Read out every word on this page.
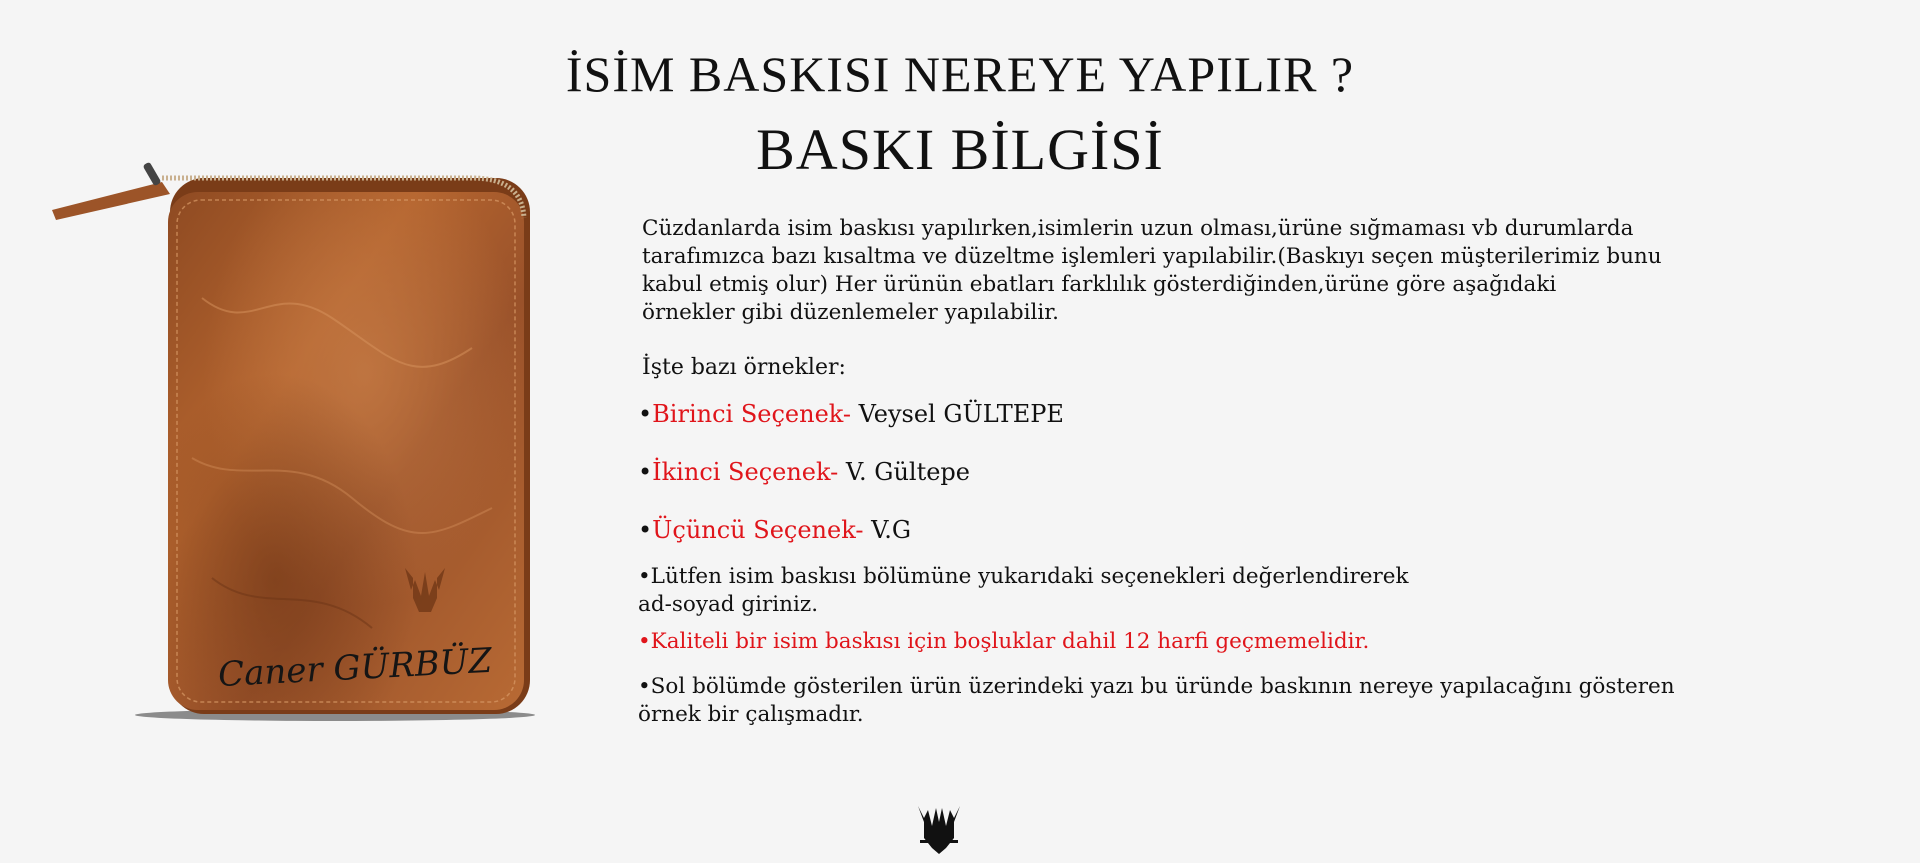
İSİM BASKISI NEREYE YAPILIR ?
BASKI BİLGİSİ
Caner GÜRBÜZ
Cüzdanlarda isim baskısı yapılırken,isimlerin uzun olması,ürüne sığmaması vb durumlarda
tarafımızca bazı kısaltma ve düzeltme işlemleri yapılabilir.(Baskıyı seçen müşterilerimiz bunu
kabul etmiş olur) Her ürünün ebatları farklılık gösterdiğinden,ürüne göre aşağıdaki
örnekler gibi düzenlemeler yapılabilir.
İşte bazı örnekler:
•Birinci Seçenek- Veysel GÜLTEPE
•İkinci Seçenek- V. Gültepe
•Üçüncü Seçenek- V.G
•Lütfen isim baskısı bölümüne yukarıdaki seçenekleri değerlendirerek
ad-soyad giriniz.
•Kaliteli bir isim baskısı için boşluklar dahil 12 harfi geçmemelidir.
•Sol bölümde gösterilen ürün üzerindeki yazı bu üründe baskının nereye yapılacağını gösteren
örnek bir çalışmadır.
